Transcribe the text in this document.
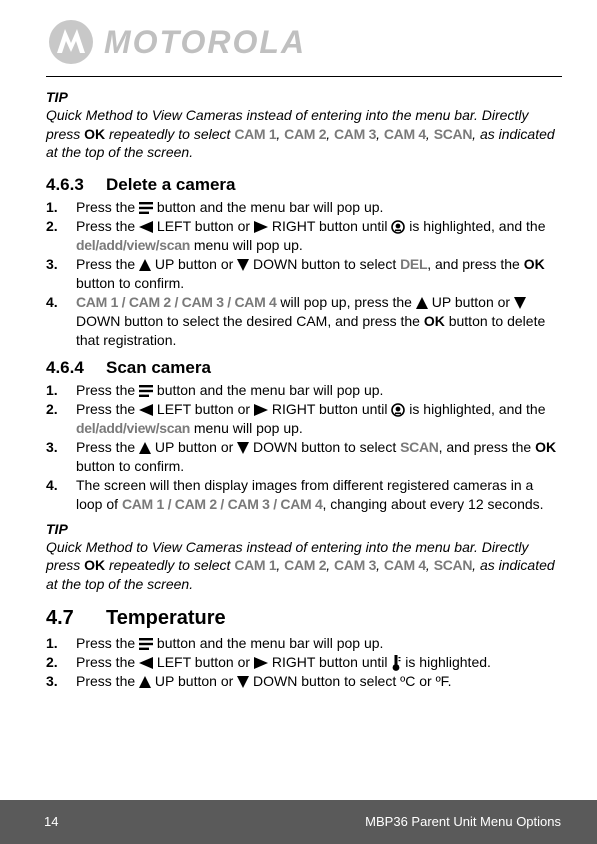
MOTOROLA
TIP
Quick Method to View Cameras instead of entering into the menu bar. Directly press OK repeatedly to select CAM 1, CAM 2, CAM 3, CAM 4, SCAN, as indicated at the top of the screen.
4.6.3 Delete a camera
1. Press the  button and the menu bar will pop up.
2. Press the  LEFT button or  RIGHT button until  is highlighted, and the del/add/view/scan menu will pop up.
3. Press the  UP button or  DOWN button to select DEL, and press the OK button to confirm.
4. CAM 1 / CAM 2 / CAM 3 / CAM 4 will pop up, press the  UP button or  DOWN button to select the desired CAM, and press the OK button to delete that registration.
4.6.4 Scan camera
1. Press the  button and the menu bar will pop up.
2. Press the  LEFT button or  RIGHT button until  is highlighted, and the del/add/view/scan menu will pop up.
3. Press the  UP button or  DOWN button to select SCAN, and press the OK button to confirm.
4. The screen will then display images from different registered cameras in a loop of CAM 1 / CAM 2 / CAM 3 / CAM 4, changing about every 12 seconds.
TIP
Quick Method to View Cameras instead of entering into the menu bar. Directly press OK repeatedly to select CAM 1, CAM 2, CAM 3, CAM 4, SCAN, as indicated at the top of the screen.
4.7 Temperature
1. Press the  button and the menu bar will pop up.
2. Press the  LEFT button or  RIGHT button until  is highlighted.
3. Press the  UP button or  DOWN button to select ºC or ºF.
14	MBP36 Parent Unit Menu Options
